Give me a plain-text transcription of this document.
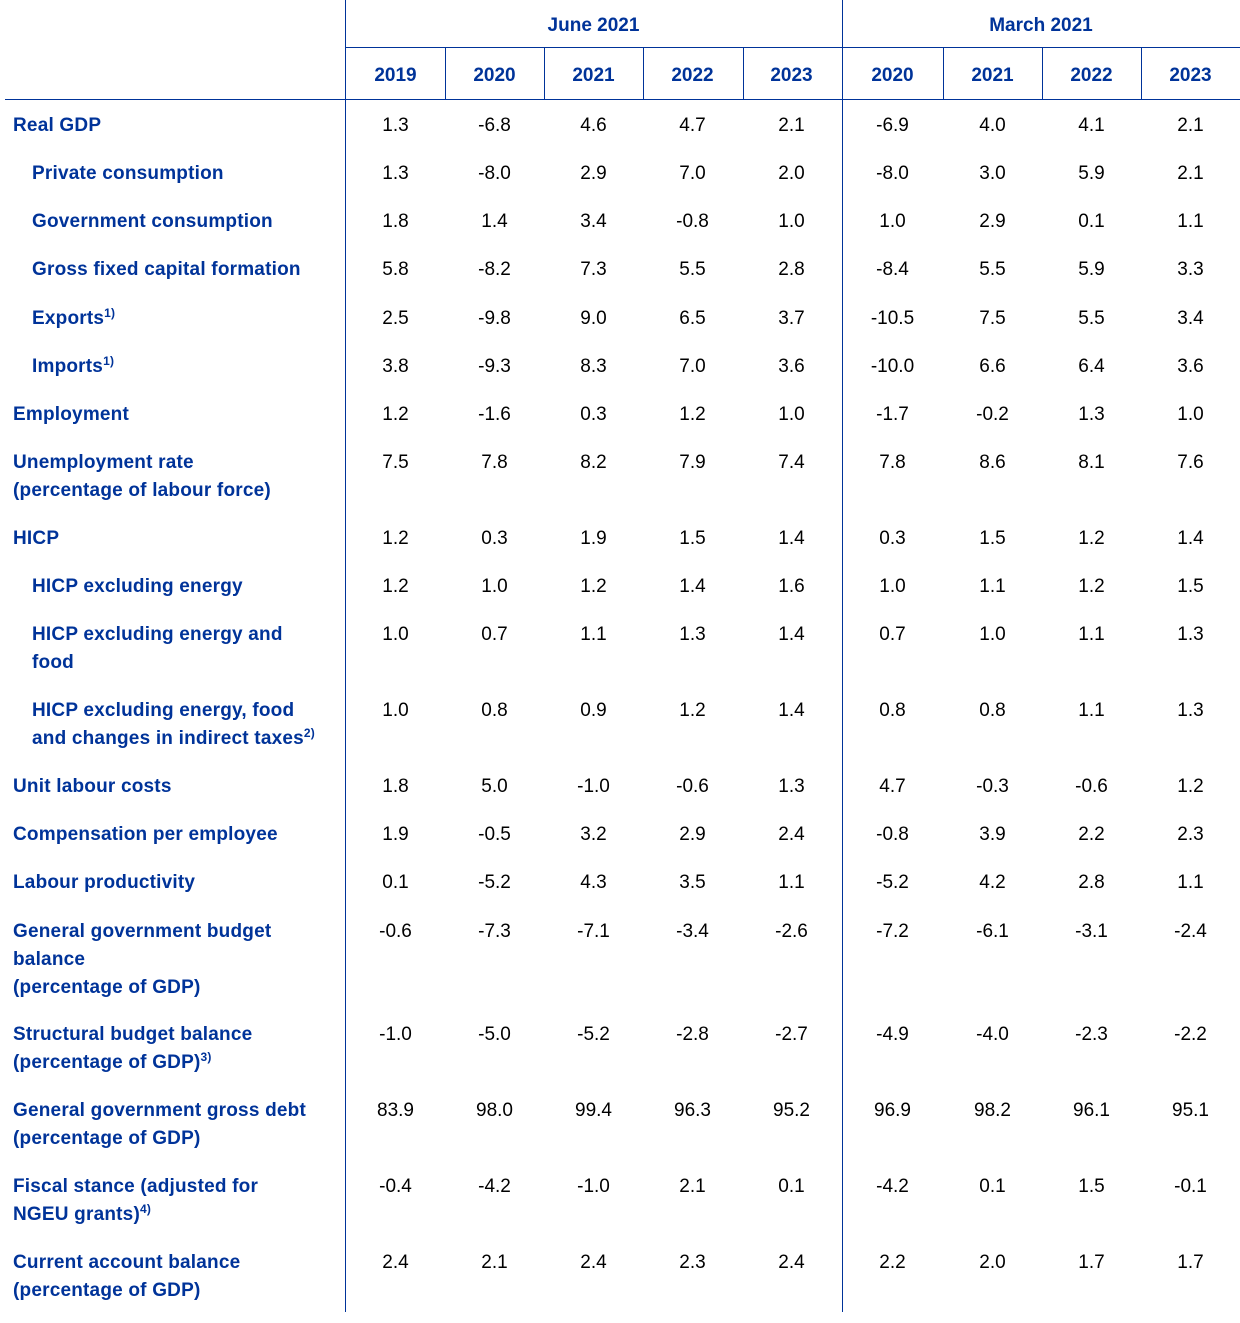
June 2021	March 2021
2019	2020	2021	2022	2023	2020	2021	2022	2023
Real GDP	1.3	-6.8	4.6	4.7	2.1	-6.9	4.0	4.1	2.1
Private consumption	1.3	-8.0	2.9	7.0	2.0	-8.0	3.0	5.9	2.1
Government consumption	1.8	1.4	3.4	-0.8	1.0	1.0	2.9	0.1	1.1
Gross fixed capital formation	5.8	-8.2	7.3	5.5	2.8	-8.4	5.5	5.9	3.3
Exports$^{1)}$	2.5	-9.8	9.0	6.5	3.7	-10.5	7.5	5.5	3.4
Imports$^{1)}$	3.8	-9.3	8.3	7.0	3.6	-10.0	6.6	6.4	3.6
Employment	1.2	-1.6	0.3	1.2	1.0	-1.7	-0.2	1.3	1.0
Unemployment rate
(percentage of labour force)
7.5	7.8	8.2	7.9	7.4	7.8	8.6	8.1	7.6
HICP	1.2	0.3	1.9	1.5	1.4	0.3	1.5	1.2	1.4
HICP excluding energy	1.2	1.0	1.2	1.4	1.6	1.0	1.1	1.2	1.5
HICP excluding energy and
food
1.0	0.7	1.1	1.3	1.4	0.7	1.0	1.1	1.3
HICP excluding energy, food
and changes in indirect taxes$^{2)}$
1.0	0.8	0.9	1.2	1.4	0.8	0.8	1.1	1.3
Unit labour costs	1.8	5.0	-1.0	-0.6	1.3	4.7	-0.3	-0.6	1.2
Compensation per employee	1.9	-0.5	3.2	2.9	2.4	-0.8	3.9	2.2	2.3
Labour productivity	0.1	-5.2	4.3	3.5	1.1	-5.2	4.2	2.8	1.1
General government budget
balance
(percentage of GDP)
-0.6	-7.3	-7.1	-3.4	-2.6	-7.2	-6.1	-3.1	-2.4
Structural budget balance
(percentage of GDP)$^{3)}$
-1.0	-5.0	-5.2	-2.8	-2.7	-4.9	-4.0	-2.3	-2.2
General government gross debt
(percentage of GDP)
83.9	98.0	99.4	96.3	95.2	96.9	98.2	96.1	95.1
Fiscal stance (adjusted for
NGEU grants)$^{4)}$
-0.4	-4.2	-1.0	2.1	0.1	-4.2	0.1	1.5	-0.1
Current account balance
(percentage of GDP)
2.4	2.1	2.4	2.3	2.4	2.2	2.0	1.7	1.7
